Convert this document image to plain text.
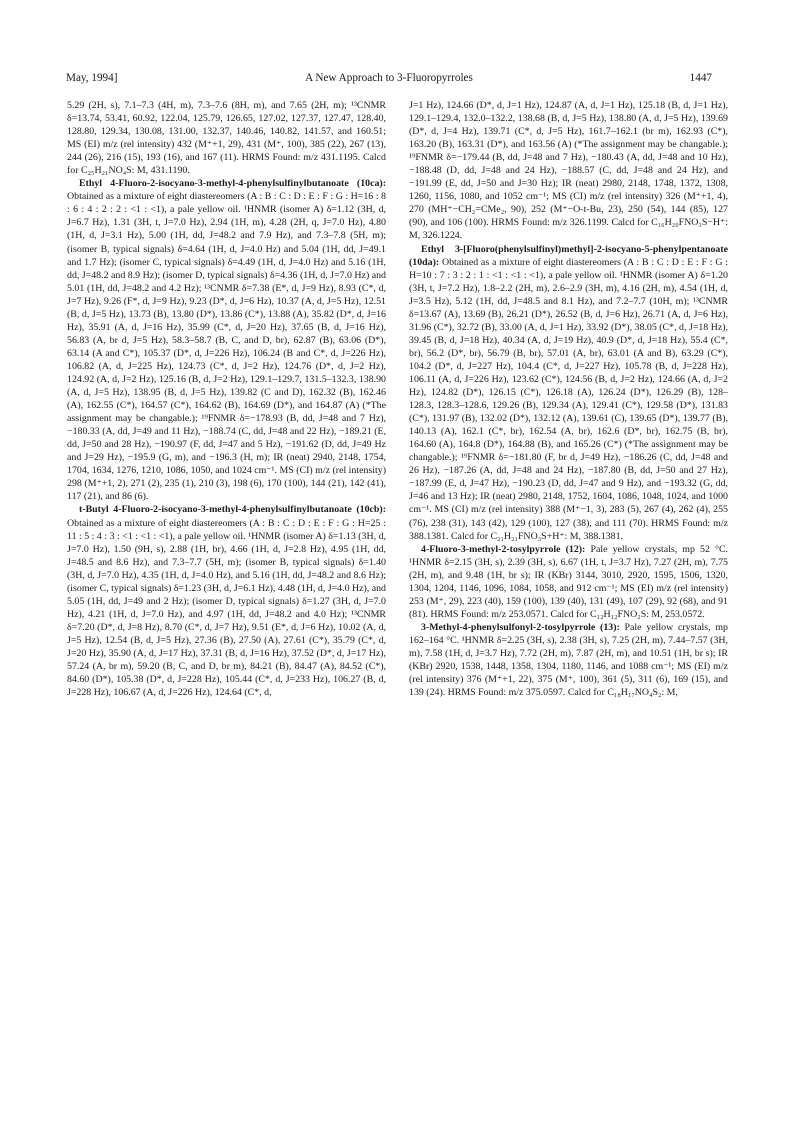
May, 1994]	A New Approach to 3-Fluoropyrroles	1447

5.29 (2H, s), 7.1–7.3 (4H, m), 7.3–7.6 (8H, m), and 7.65 (2H, m); ¹³CNMR δ=13.74, 53.41, 60.92, 122.04, 125.79, 126.65, 127.02, 127.37, 127.47, 128.40, 128.80, 129.34, 130.08, 131.00, 132.37, 140.46, 140.82, 141.57, and 160.51; MS (EI) m/z (rel intensity) 432 (M⁺+1, 29), 431 (M⁺, 100), 385 (22), 267 (13), 244 (26), 216 (15), 193 (16), and 167 (11). HRMS Found: m/z 431.1195. Calcd for C₂₅H₂₁NO₄S: M, 431.1190.

Ethyl 4-Fluoro-2-isocyano-3-methyl-4-phenylsulfinylbutanoate (10ca): Obtained as a mixture of eight diastereomers (A : B : C : D : E : F : G : H=16 : 8 : 6 : 4 : 2 : 2 : <1 : <1), a pale yellow oil. ¹HNMR (isomer A) δ=1.12 (3H, d, J=6.7 Hz), 1.31 (3H, t, J=7.0 Hz), 2.94 (1H, m), 4.28 (2H, q, J=7.0 Hz), 4.80 (1H, d, J=3.1 Hz), 5.00 (1H, dd, J=48.2 and 7.9 Hz), and 7.3–7.8 (5H, m); (isomer B, typical signals) δ=4.64 (1H, d, J=4.0 Hz) and 5.04 (1H, dd, J=49.1 and 1.7 Hz); (isomer C, typical signals) δ=4.49 (1H, d, J=4.0 Hz) and 5.16 (1H, dd, J=48.2 and 8.9 Hz); (isomer D, typical signals) δ=4.36 (1H, d, J=7.0 Hz) and 5.01 (1H, dd, J=48.2 and 4.2 Hz); ¹³CNMR δ=7.38 (E*, d, J=9 Hz), 8.93 (C*, d, J=7 Hz), 9.26 (F*, d, J=9 Hz), 9.23 (D*, d, J=6 Hz), 10.37 (A, d, J=5 Hz), 12.51 (B, d, J=5 Hz), 13.73 (B), 13.80 (D*), 13.86 (C*), 13.88 (A), 35.82 (D*, d, J=16 Hz), 35.91 (A, d, J=16 Hz), 35.99 (C*, d, J=20 Hz), 37.65 (B, d, J=16 Hz), 56.83 (A, br d, J=5 Hz), 58.3–58.7 (B, C, and D, br), 62.87 (B), 63.06 (D*), 63.14 (A and C*), 105.37 (D*, d, J=226 Hz), 106.24 (B and C*, d, J=226 Hz), 106.82 (A, d, J=225 Hz), 124.73 (C*, d, J=2 Hz), 124.76 (D*, d, J=2 Hz), 124.92 (A, d, J=2 Hz), 125.16 (B, d, J=2 Hz), 129.1–129.7, 131.5–132.3, 138.90 (A, d, J=5 Hz), 138.95 (B, d, J=5 Hz), 139.82 (C and D), 162.32 (B), 162.46 (A), 162.55 (C*), 164.57 (C*), 164.62 (B), 164.69 (D*), and 164.87 (A) (*The assignment may be changable.); ¹⁹FNMR δ=−178.93 (B, dd, J=48 and 7 Hz), −180.33 (A, dd, J=49 and 11 Hz), −188.74 (C, dd, J=48 and 22 Hz), −189.21 (E, dd, J=50 and 28 Hz), −190.97 (F, dd, J=47 and 5 Hz), −191.62 (D, dd, J=49 Hz and J=29 Hz), −195.9 (G, m), and −196.3 (H, m); IR (neat) 2940, 2148, 1754, 1704, 1634, 1276, 1210, 1086, 1050, and 1024 cm⁻¹. MS (CI) m/z (rel intensity) 298 (M⁺+1, 2), 271 (2), 235 (1), 210 (3), 198 (6), 170 (100), 144 (21), 142 (41), 117 (21), and 86 (6).

t-Butyl 4-Fluoro-2-isocyano-3-methyl-4-phenylsulfinylbutanoate (10cb): Obtained as a mixture of eight diastereomers (A : B : C : D : E : F : G : H=25 : 11 : 5 : 4 : 3 : <1 : <1 : <1), a pale yellow oil. ¹HNMR (isomer A) δ=1.13 (3H, d, J=7.0 Hz), 1.50 (9H, s), 2.88 (1H, br), 4.66 (1H, d, J=2.8 Hz), 4.95 (1H, dd, J=48.5 and 8.6 Hz), and 7.3–7.7 (5H, m); (isomer B, typical signals) δ=1.40 (3H, d, J=7.0 Hz), 4.35 (1H, d, J=4.0 Hz), and 5.16 (1H, dd, J=48.2 and 8.6 Hz); (isomer C, typical signals) δ=1.23 (3H, d, J=6.1 Hz), 4.48 (1H, d, J=4.0 Hz), and 5.05 (1H, dd, J=49 and 2 Hz); (isomer D, typical signals) δ=1.27 (3H, d, J=7.0 Hz), 4.21 (1H, d, J=7.0 Hz), and 4.97 (1H, dd, J=48.2 and 4.0 Hz); ¹³CNMR δ=7.20 (D*, d, J=8 Hz), 8.70 (C*, d, J=7 Hz), 9.51 (E*, d, J=6 Hz), 10.02 (A, d, J=5 Hz), 12.54 (B, d, J=5 Hz), 27.36 (B), 27.50 (A), 27.61 (C*), 35.79 (C*, d, J=20 Hz), 35.90 (A, d, J=17 Hz), 37.31 (B, d, J=16 Hz), 37.52 (D*, d, J=17 Hz), 57.24 (A, br m), 59.20 (B, C, and D, br m), 84.21 (B), 84.47 (A), 84.52 (C*), 84.60 (D*), 105.38 (D*, d, J=228 Hz), 105.44 (C*, d, J=233 Hz), 106.27 (B, d, J=228 Hz), 106.67 (A, d, J=226 Hz), 124.64 (C*, d,

J=1 Hz), 124.66 (D*, d, J=1 Hz), 124.87 (A, d, J=1 Hz), 125.18 (B, d, J=1 Hz), 129.1–129.4, 132.0–132.2, 138.68 (B, d, J=5 Hz), 138.80 (A, d, J=5 Hz), 139.69 (D*, d, J=4 Hz), 139.71 (C*, d, J=5 Hz), 161.7–162.1 (br m), 162.93 (C*), 163.20 (B), 163.31 (D*), and 163.56 (A) (*The assignment may be changable.); ¹⁹FNMR δ=−179.44 (B, dd, J=48 and 7 Hz), −180.43 (A, dd, J=48 and 10 Hz), −188.48 (D, dd, J=48 and 24 Hz), −188.57 (C, dd, J=48 and 24 Hz), and −191.99 (E, dd, J=50 and J=30 Hz); IR (neat) 2980, 2148, 1748, 1372, 1308, 1260, 1156, 1080, and 1052 cm⁻¹; MS (CI) m/z (rel intensity) 326 (M⁺+1, 4), 270 (MH⁺−CH₂=CMe₂, 90), 252 (M⁺−O-t-Bu, 23), 250 (54), 144 (85), 127 (90), and 106 (100). HRMS Found: m/z 326.1199. Calcd for C₁₆H₂₀FNO₃S−H⁺: M, 326.1224.

Ethyl 3-[Fluoro(phenylsulfinyl)methyl]-2-isocyano-5-phenylpentanoate (10da): Obtained as a mixture of eight diastereomers (A : B : C : D : E : F : G : H=10 : 7 : 3 : 2 : 1 : <1 : <1 : <1), a pale yellow oil. ¹HNMR (isomer A) δ=1.20 (3H, t, J=7.2 Hz), 1.8–2.2 (2H, m), 2.6–2.9 (3H, m), 4.16 (2H, m), 4.54 (1H, d, J=3.5 Hz), 5.12 (1H, dd, J=48.5 and 8.1 Hz), and 7.2–7.7 (10H, m); ¹³CNMR δ=13.67 (A), 13.69 (B), 26.21 (D*), 26.52 (B, d, J=6 Hz), 26.71 (A, d, J=6 Hz), 31.96 (C*), 32.72 (B), 33.00 (A, d, J=1 Hz), 33.92 (D*), 38.05 (C*, d, J=18 Hz), 39.45 (B, d, J=18 Hz), 40.34 (A, d, J=19 Hz), 40.9 (D*, d, J=18 Hz), 55.4 (C*, br), 56.2 (D*, br), 56.79 (B, br), 57.01 (A, br), 63.01 (A and B), 63.29 (C*), 104.2 (D*, d, J=227 Hz), 104.4 (C*, d, J=227 Hz), 105.78 (B, d, J=228 Hz), 106.11 (A, d, J=226 Hz), 123.62 (C*), 124.56 (B, d, J=2 Hz), 124.66 (A, d, J=2 Hz), 124.82 (D*), 126.15 (C*), 126.18 (A), 126.24 (D*), 126.29 (B), 128–128.3, 128.3–128.6, 129.26 (B), 129.34 (A), 129.41 (C*), 129.58 (D*), 131.83 (C*), 131.97 (B), 132.02 (D*), 132.12 (A), 139.61 (C), 139.65 (D*), 139.77 (B), 140.13 (A), 162.1 (C*, br), 162.54 (A, br), 162.6 (D*, br), 162.75 (B, br), 164.60 (A), 164.8 (D*), 164.88 (B), and 165.26 (C*) (*The assignment may be changable.); ¹⁹FNMR δ=−181.80 (F, br d, J=49 Hz), −186.26 (C, dd, J=48 and 26 Hz), −187.26 (A, dd, J=48 and 24 Hz), −187.80 (B, dd, J=50 and 27 Hz), −187.99 (E, d, J=47 Hz), −190.23 (D, dd, J=47 and 9 Hz), and −193.32 (G, dd, J=46 and 13 Hz); IR (neat) 2980, 2148, 1752, 1604, 1086, 1048, 1024, and 1000 cm⁻¹. MS (CI) m/z (rel intensity) 388 (M⁺−1, 3), 283 (5), 267 (4), 262 (4), 255 (76), 238 (31), 143 (42), 129 (100), 127 (38), and 111 (70). HRMS Found: m/z 388.1381. Calcd for C₂₁H₂₁FNO₃S+H⁺: M, 388.1381.

4-Fluoro-3-methyl-2-tosylpyrrole (12): Pale yellow crystals, mp 52 °C. ¹HNMR δ=2.15 (3H, s), 2.39 (3H, s), 6.67 (1H, t, J=3.7 Hz), 7.27 (2H, m), 7.75 (2H, m), and 9.48 (1H, br s); IR (KBr) 3144, 3010, 2920, 1595, 1506, 1320, 1304, 1204, 1146, 1096, 1084, 1058, and 912 cm⁻¹; MS (EI) m/z (rel intensity) 253 (M⁺, 29), 223 (40), 159 (100), 139 (40), 131 (49), 107 (29), 92 (68), and 91 (81). HRMS Found: m/z 253.0571. Calcd for C₁₂H₁₂FNO₂S: M, 253.0572.

3-Methyl-4-phenylsulfonyl-2-tosylpyrrole (13): Pale yellow crystals, mp 162–164 °C. ¹HNMR δ=2.25 (3H, s), 2.38 (3H, s), 7.25 (2H, m), 7.44–7.57 (3H, m), 7.58 (1H, d, J=3.7 Hz), 7.72 (2H, m), 7.87 (2H, m), and 10.51 (1H, br s); IR (KBr) 2920, 1538, 1448, 1358, 1304, 1180, 1146, and 1088 cm⁻¹; MS (EI) m/z (rel intensity) 376 (M⁺+1, 22), 375 (M⁺, 100), 361 (5), 311 (6), 169 (15), and 139 (24). HRMS Found: m/z 375.0597. Calcd for C₁₈H₁₇NO₄S₂: M,
